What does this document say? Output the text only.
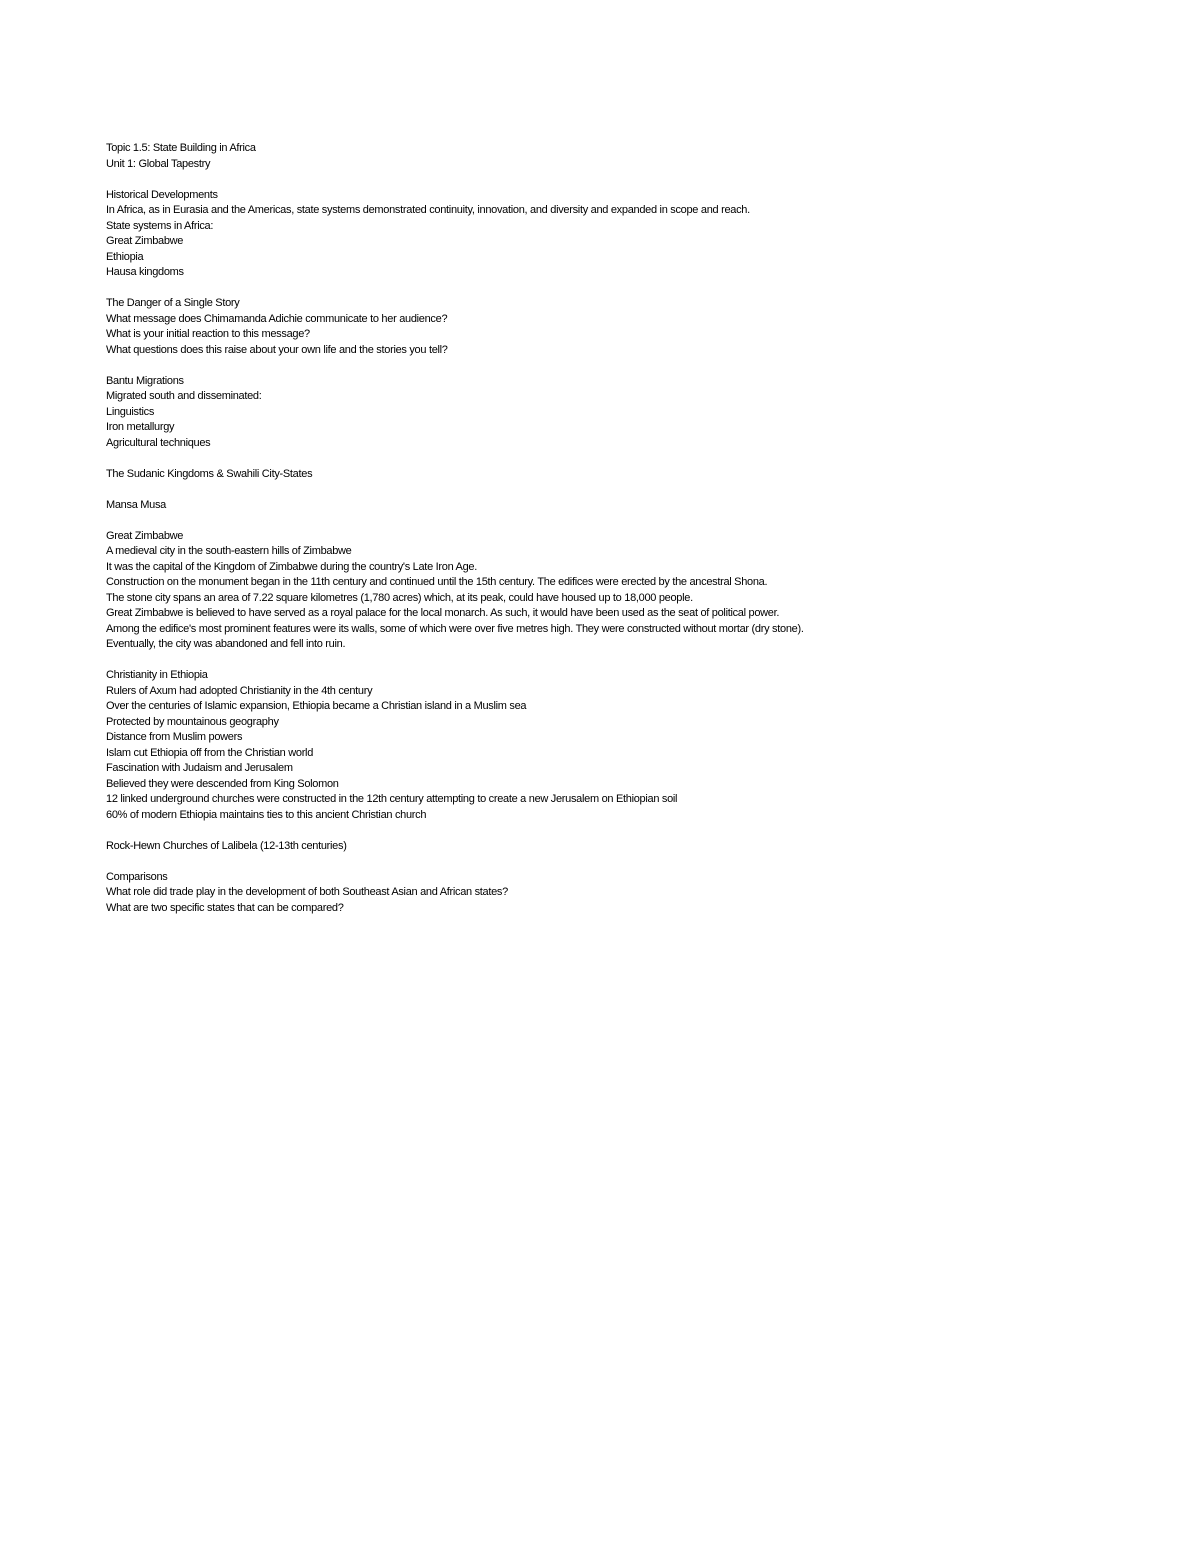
Topic 1.5: State Building in Africa
Unit 1: Global Tapestry
Historical Developments
In Africa, as in Eurasia and the Americas, state systems demonstrated continuity, innovation, and diversity and expanded in scope and reach.
State systems in Africa:
Great Zimbabwe
Ethiopia
Hausa kingdoms
The Danger of a Single Story
What message does Chimamanda Adichie communicate to her audience?
What is your initial reaction to this message?
What questions does this raise about your own life and the stories you tell?
Bantu Migrations
Migrated south and disseminated:
Linguistics
Iron metallurgy
Agricultural techniques
The Sudanic Kingdoms & Swahili City-States
Mansa Musa
Great Zimbabwe
A medieval city in the south-eastern hills of Zimbabwe
It was the capital of the Kingdom of Zimbabwe during the country's Late Iron Age.
Construction on the monument began in the 11th century and continued until the 15th century. The edifices were erected by the ancestral Shona.
The stone city spans an area of 7.22 square kilometres (1,780 acres) which, at its peak, could have housed up to 18,000 people.
Great Zimbabwe is believed to have served as a royal palace for the local monarch. As such, it would have been used as the seat of political power.
Among the edifice's most prominent features were its walls, some of which were over five metres high. They were constructed without mortar (dry stone).
Eventually, the city was abandoned and fell into ruin.
Christianity in Ethiopia
Rulers of Axum had adopted Christianity in the 4th century
Over the centuries of Islamic expansion, Ethiopia became a Christian island in a Muslim sea
Protected by mountainous geography
Distance from Muslim powers
Islam cut Ethiopia off from the Christian world
Fascination with Judaism and Jerusalem
Believed they were descended from King Solomon
12 linked underground churches were constructed in the 12th century attempting to create a new Jerusalem on Ethiopian soil
60% of modern Ethiopia maintains ties to this ancient Christian church
Rock-Hewn Churches of Lalibela (12-13th centuries)
Comparisons
What role did trade play in the development of both Southeast Asian and African states?
What are two specific states that can be compared?
